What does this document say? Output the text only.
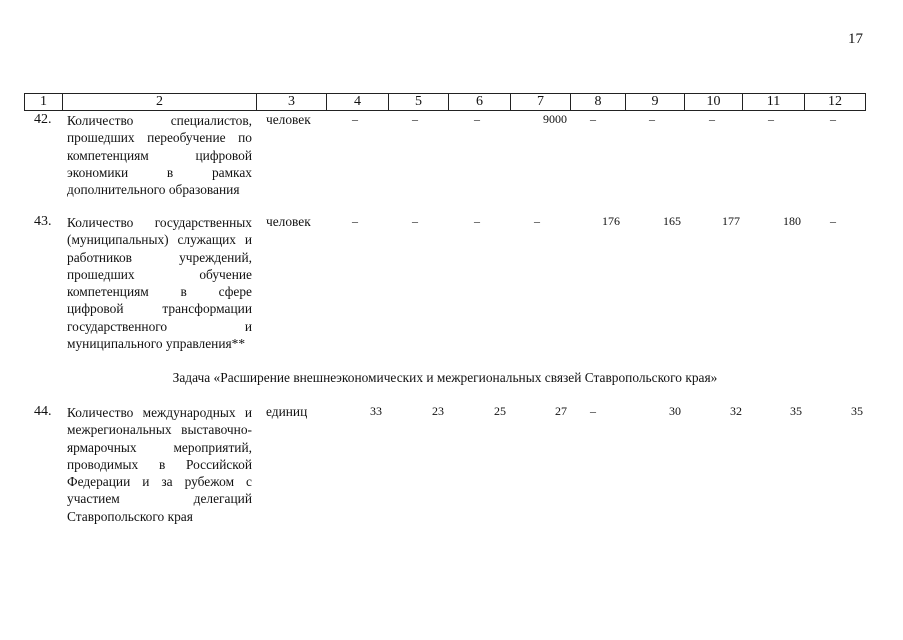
17
1	2	3	4	5	6	7	8	9	10	11	12
42. Количество специалистов, прошедших переобучение по компетенциям цифровой экономики в рамках дополнительного образования
человек	–	–	–	9000	–	–	–	–	–
43. Количество государственных (муниципальных) служащих и работников учреждений, прошедших обучение компетенциям в сфере цифровой трансформации государственного и муниципального управления**
человек	–	–	–	–	176	165	177	180	–
Задача «Расширение внешнеэкономических и межрегиональных связей Ставропольского края»
44. Количество международных и межрегиональных выставочно-ярмарочных мероприятий, проводимых в Российской Федерации и за рубежом с участием делегаций Ставропольского края
единиц	33	23	25	27	–	30	32	35	35
